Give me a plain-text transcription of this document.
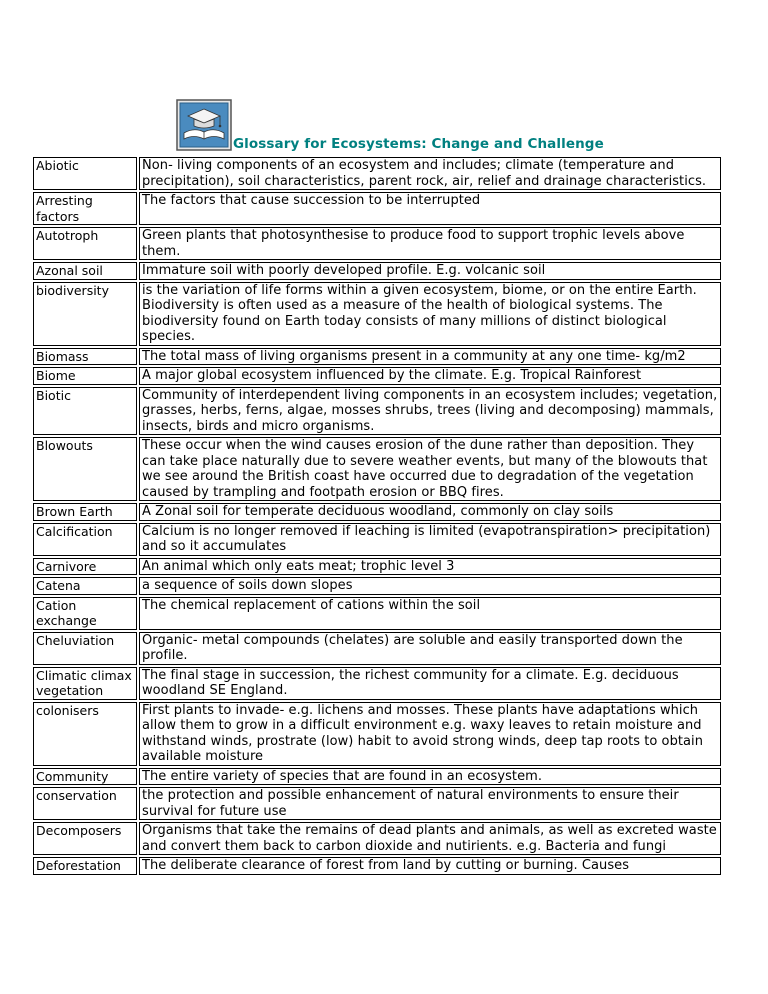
Glossary for Ecosystems: Change and Challenge
Abiotic	Non- living components of an ecosystem and includes; climate (temperature and precipitation), soil characteristics, parent rock, air, relief and drainage characteristics.
Arresting factors	The factors that cause succession to be interrupted
Autotroph	Green plants that photosynthesise to produce food to support trophic levels above them.
Azonal soil	Immature soil with poorly developed profile. E.g. volcanic soil
biodiversity	is the variation of life forms within a given ecosystem, biome, or on the entire Earth. Biodiversity is often used as a measure of the health of biological systems. The biodiversity found on Earth today consists of many millions of distinct biological species.
Biomass	The total mass of living organisms present in a community at any one time- kg/m2
Biome	A major global ecosystem influenced by the climate. E.g. Tropical Rainforest
Biotic	Community of interdependent living components in an ecosystem includes; vegetation, grasses, herbs, ferns, algae, mosses shrubs, trees (living and decomposing) mammals, insects, birds and micro organisms.
Blowouts	These occur when the wind causes erosion of the dune rather than deposition. They can take place naturally due to severe weather events, but many of the blowouts that we see around the British coast have occurred due to degradation of the vegetation caused by trampling and footpath erosion or BBQ fires.
Brown Earth	A Zonal soil for temperate deciduous woodland, commonly on clay soils
Calcification	Calcium is no longer removed if leaching is limited (evapotranspiration> precipitation) and so it accumulates
Carnivore	An animal which only eats meat; trophic level 3
Catena	a sequence of soils down slopes
Cation exchange	The chemical replacement of cations within the soil
Cheluviation	Organic- metal compounds (chelates) are soluble and easily transported down the profile.
Climatic climax vegetation	The final stage in succession, the richest community for a climate. E.g. deciduous woodland SE England.
colonisers	First plants to invade- e.g. lichens and mosses. These plants have adaptations which allow them to grow in a difficult environment e.g. waxy leaves to retain moisture and withstand winds, prostrate (low) habit to avoid strong winds, deep tap roots to obtain available moisture
Community	The entire variety of species that are found in an ecosystem.
conservation	the protection and possible enhancement of natural environments to ensure their survival for future use
Decomposers	Organisms that take the remains of dead plants and animals, as well as excreted waste and convert them back to carbon dioxide and nutirients. e.g. Bacteria and fungi
Deforestation	The deliberate clearance of forest from land by cutting or burning. Causes
